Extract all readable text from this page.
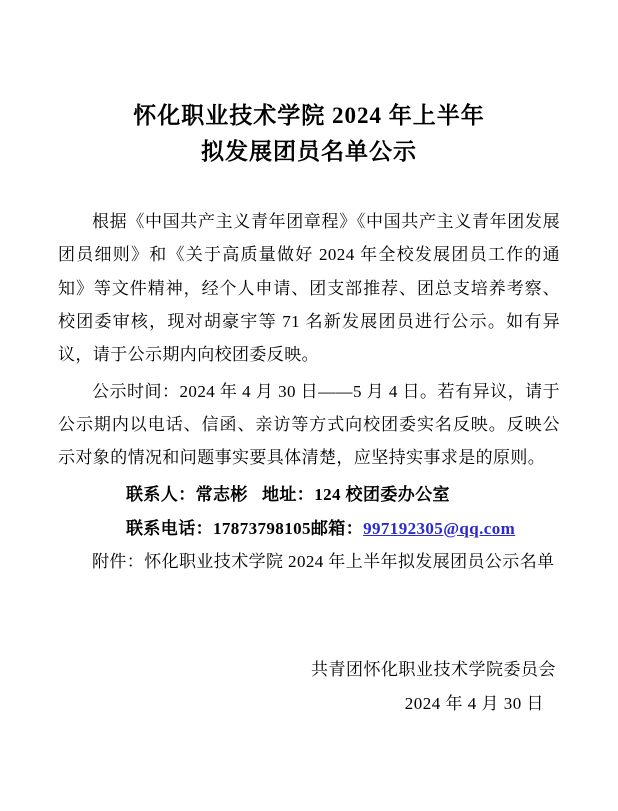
怀化职业技术学院 2024 年上半年
拟发展团员名单公示

根据《中国共产主义青年团章程》《中国共产主义青年团发展团员细则》和《关于高质量做好 2024 年全校发展团员工作的通知》等文件精神，经个人申请、团支部推荐、团总支培养考察、校团委审核，现对胡豪宇等 71 名新发展团员进行公示。如有异议，请于公示期内向校团委反映。

公示时间：2024 年 4 月 30 日——5 月 4 日。若有异议，请于公示期内以电话、信函、亲访等方式向校团委实名反映。反映公示对象的情况和问题事实要具体清楚，应坚持实事求是的原则。

联系人：常志彬 地址：124 校团委办公室

联系电话：17873798105邮箱：997192305@qq.com

附件：怀化职业技术学院 2024 年上半年拟发展团员公示名单

共青团怀化职业技术学院委员会
2024 年 4 月 30 日
